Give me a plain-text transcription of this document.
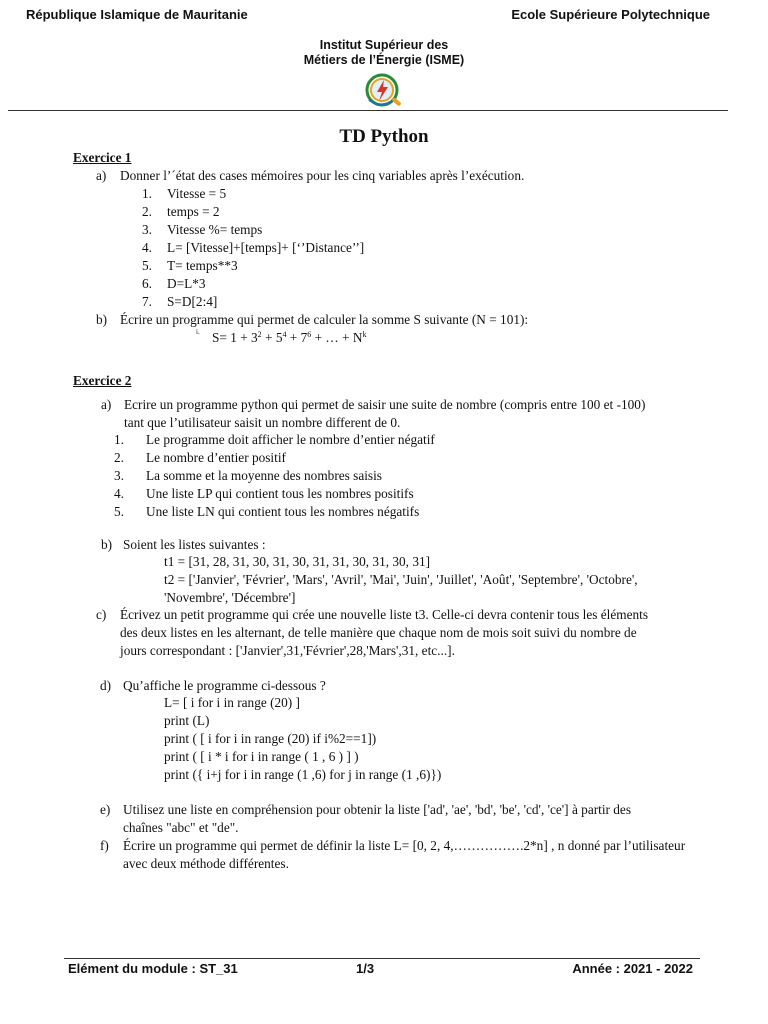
République Islamique de Mauritanie	Ecole Supérieure Polytechnique
Institut Supérieur des
Métiers de l’Énergie (ISME)
TD Python
Exercice 1
a) Donner l’´état des cases mémoires pour les cinq variables après l’exécution.
1. Vitesse = 5
2. temps = 2
3. Vitesse %= temps
4. L= [Vitesse]+[temps]+ [‘’Distance’’]
5. T= temps**3
6. D=L*3
7. S=D[2:4]
b) Écrire un programme qui permet de calculer la somme S suivante (N = 101):
i. $S= 1 + 3^2 + 5^4 + 7^6$ + … + $N^k$
Exercice 2
a) Ecrire un programme python qui permet de saisir une suite de nombre (compris entre 100 et -100)
tant que l’utilisateur saisit un nombre different de 0.
1. Le programme doit afficher le nombre d’entier négatif
2. Le nombre d’entier positif
3. La somme et la moyenne des nombres saisis
4. Une liste LP qui contient tous les nombres positifs
5. Une liste LN qui contient tous les nombres négatifs
b) Soient les listes suivantes :
t1 = [31, 28, 31, 30, 31, 30, 31, 31, 30, 31, 30, 31]
t2 = ['Janvier', 'Février', 'Mars', 'Avril', 'Mai', 'Juin', 'Juillet', 'Août', 'Septembre', 'Octobre',
'Novembre', 'Décembre']
c) Écrivez un petit programme qui crée une nouvelle liste t3. Celle-ci devra contenir tous les éléments
des deux listes en les alternant, de telle manière que chaque nom de mois soit suivi du nombre de
jours correspondant : ['Janvier',31,'Février',28,'Mars',31, etc...].
d) Qu’affiche le programme ci-dessous ?
L= [ i for i in range (20) ]
print (L)
print ( [ i for i in range (20) if i%2==1])
print ( [ i * i for i in range ( 1 , 6 ) ] )
print ({ i+j for i in range (1 ,6) for j in range (1 ,6)})
e) Utilisez une liste en compréhension pour obtenir la liste ['ad', 'ae', 'bd', 'be', 'cd', 'ce'] à partir des
chaînes "abc" et "de".
f) Écrire un programme qui permet de définir la liste L= [0, 2, 4,…………….2*n] , n donné par l’utilisateur
avec deux méthode différentes.
Elément du module : ST_31	1/3	Année : 2021 - 2022
